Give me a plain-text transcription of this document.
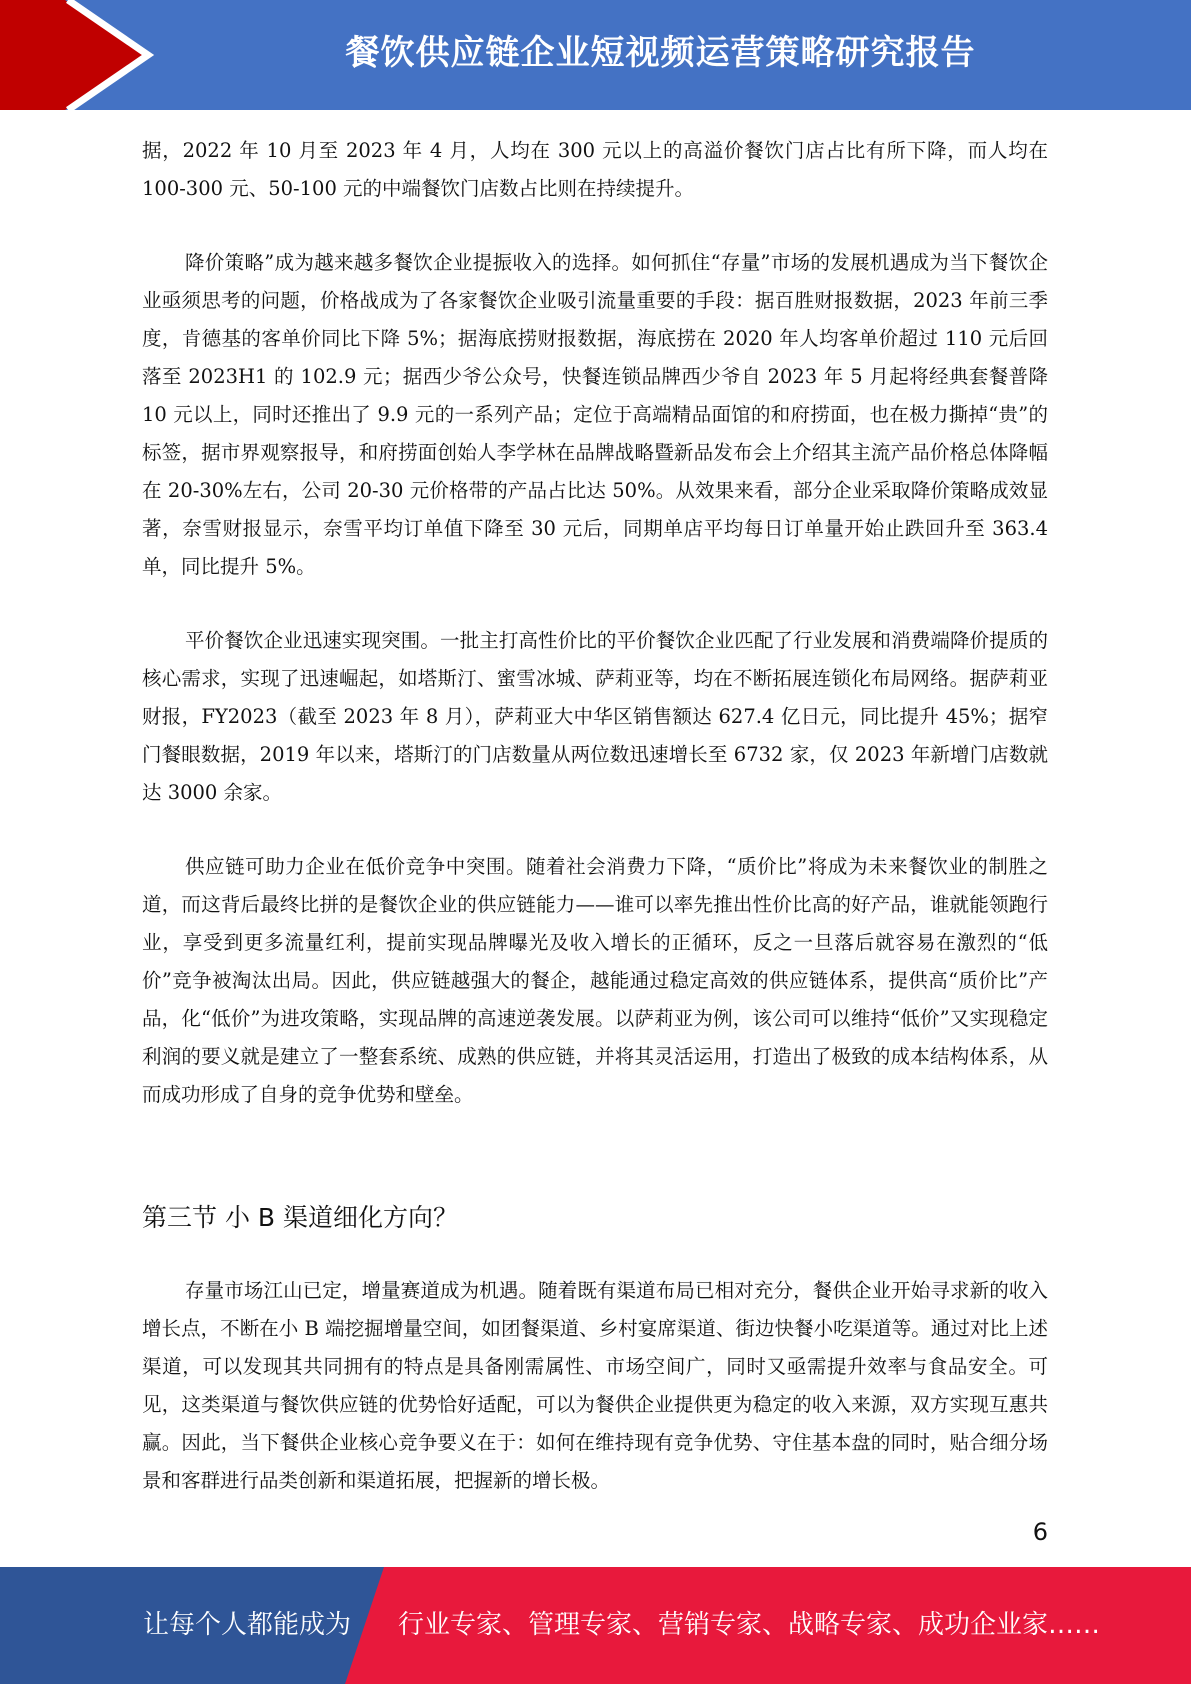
餐饮供应链企业短视频运营策略研究报告

据，2022 年 10 月至 2023 年 4 月，人均在 300 元以上的高溢价餐饮门店占比有所下降，而人均在 100-300 元、50-100 元的中端餐饮门店数占比则在持续提升。

降价策略”成为越来越多餐饮企业提振收入的选择。如何抓住“存量”市场的发展机遇成为当下餐饮企业亟须思考的问题，价格战成为了各家餐饮企业吸引流量重要的手段：据百胜财报数据，2023 年前三季度，肯德基的客单价同比下降 5%；据海底捞财报数据，海底捞在 2020 年人均客单价超过 110 元后回落至 2023H1 的 102.9 元；据西少爷公众号，快餐连锁品牌西少爷自 2023 年 5 月起将经典套餐普降 10 元以上，同时还推出了 9.9 元的一系列产品；定位于高端精品面馆的和府捞面，也在极力撕掉“贵”的标签，据市界观察报导，和府捞面创始人李学林在品牌战略暨新品发布会上介绍其主流产品价格总体降幅在 20-30%左右，公司 20-30 元价格带的产品占比达 50%。从效果来看，部分企业采取降价策略成效显著，奈雪财报显示，奈雪平均订单值下降至 30 元后，同期单店平均每日订单量开始止跌回升至 363.4 单，同比提升 5%。

平价餐饮企业迅速实现突围。一批主打高性价比的平价餐饮企业匹配了行业发展和消费端降价提质的核心需求，实现了迅速崛起，如塔斯汀、蜜雪冰城、萨莉亚等，均在不断拓展连锁化布局网络。据萨莉亚财报，FY2023（截至 2023 年 8 月），萨莉亚大中华区销售额达 627.4 亿日元，同比提升 45%；据窄门餐眼数据，2019 年以来，塔斯汀的门店数量从两位数迅速增长至 6732 家，仅 2023 年新增门店数就达 3000 余家。

供应链可助力企业在低价竞争中突围。随着社会消费力下降，“质价比”将成为未来餐饮业的制胜之道，而这背后最终比拼的是餐饮企业的供应链能力——谁可以率先推出性价比高的好产品，谁就能领跑行业，享受到更多流量红利，提前实现品牌曝光及收入增长的正循环，反之一旦落后就容易在激烈的“低价”竞争被淘汰出局。因此，供应链越强大的餐企，越能通过稳定高效的供应链体系，提供高“质价比”产品，化“低价”为进攻策略，实现品牌的高速逆袭发展。以萨莉亚为例，该公司可以维持“低价”又实现稳定利润的要义就是建立了一整套系统、成熟的供应链，并将其灵活运用，打造出了极致的成本结构体系，从而成功形成了自身的竞争优势和壁垒。

第三节 小 B 渠道细化方向？

存量市场江山已定，增量赛道成为机遇。随着既有渠道布局已相对充分，餐供企业开始寻求新的收入增长点，不断在小 B 端挖掘增量空间，如团餐渠道、乡村宴席渠道、街边快餐小吃渠道等。通过对比上述渠道，可以发现其共同拥有的特点是具备刚需属性、市场空间广，同时又亟需提升效率与食品安全。可见，这类渠道与餐饮供应链的优势恰好适配，可以为餐供企业提供更为稳定的收入来源，双方实现互惠共赢。因此，当下餐供企业核心竞争要义在于：如何在维持现有竞争优势、守住基本盘的同时，贴合细分场景和客群进行品类创新和渠道拓展，把握新的增长极。

6
让每个人都能成为 行业专家、管理专家、营销专家、战略专家、成功企业家……
